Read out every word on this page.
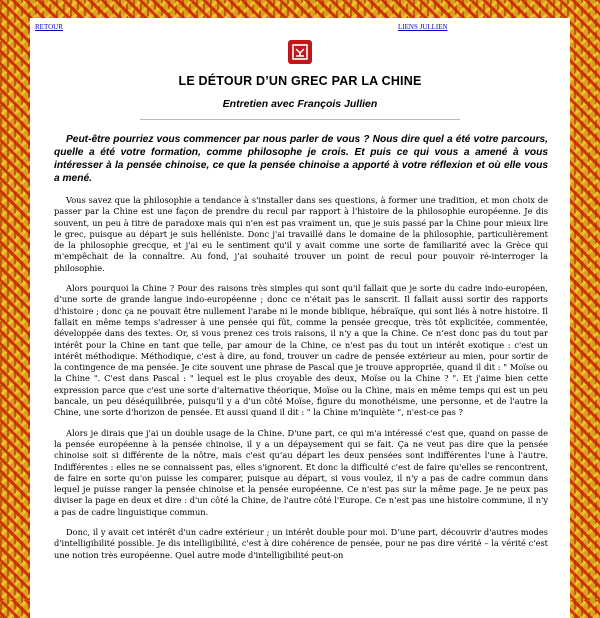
RETOUR	LIENS JULLIEN
LE DÉTOUR D’UN GREC PAR LA CHINE
Entretien avec François Jullien

Peut-être pourriez vous commencer par nous parler de vous ? Nous dire quel a été votre parcours, quelle a été votre formation, comme philosophe je crois. Et puis ce qui vous a amené à vous intéresser à la pensée chinoise, ce que la pensée chinoise a apporté à votre réflexion et où elle vous a mené.

Vous savez que la philosophie a tendance à s'installer dans ses questions, à former une tradition, et mon choix de passer par la Chine est une façon de prendre du recul par rapport à l'histoire de la philosophie européenne. Je dis souvent, un peu à titre de paradoxe mais qui n'en est pas vraiment un, que je suis passé par la Chine pour mieux lire le grec, puisque au départ je suis helléniste. Donc j'ai travaillé dans le domaine de la philosophie, particulièrement de la philosophie grecque, et j'ai eu le sentiment qu'il y avait comme une sorte de familiarité avec la Grèce qui m'empêchait de la connaître. Au fond, j’ai souhaité trouver un point de recul pour pouvoir ré-interroger la philosophie.

Alors pourquoi la Chine ? Pour des raisons très simples qui sont qu'il fallait que je sorte du cadre indo-européen, d’une sorte de grande langue indo-européenne ; donc ce n'était pas le sanscrit. Il fallait aussi sortir des rapports d'histoire ; donc ça ne pouvait être nullement l'arabe ni le monde biblique, hébraïque, qui sont liés à notre histoire. Il fallait en même temps s'adresser à une pensée qui fût, comme la pensée grecque, très tôt explicitée, commentée, développée dans des textes. Or, si vous prenez ces trois raisons, il n'y a que la Chine. Ce n’est donc pas du tout par intérêt pour la Chine en tant que telle, par amour de la Chine, ce n'est pas du tout un intérêt exotique : c'est un intérêt méthodique. Méthodique, c'est à dire, au fond, trouver un cadre de pensée extérieur au mien, pour sortir de la contingence de ma pensée. Je cite souvent une phrase de Pascal que je trouve appropriée, quand il dit : " Moïse ou la Chine ". C'est dans Pascal : " lequel est le plus croyable des deux, Moïse ou la Chine ? ". Et j'aime bien cette expression parce que c'est une sorte d'alternative théorique, Moïse ou la Chine, mais en même temps qui est un peu bancale, un peu déséquilibrée, puisqu'il y a d'un côté Moïse, figure du monothéisme, une personne, et de l'autre la Chine, une sorte d'horizon de pensée. Et aussi quand il dit : " la Chine m'inquiète ", n'est-ce pas ?

Alors je dirais que j'ai un double usage de la Chine. D'une part, ce qui m'a intéressé c'est que, quand on passe de la pensée européenne à la pensée chinoise, il y a un dépaysement qui se fait. Ça ne veut pas dire que la pensée chinoise soit si différente de la nôtre, mais c'est qu’au départ les deux pensées sont indifférentes l'une à l'autre. Indifférentes : elles ne se connaissent pas, elles s'ignorent. Et donc la difficulté c'est de faire qu'elles se rencontrent, de faire en sorte qu'on puisse les comparer, puisque au départ, si vous voulez, il n'y a pas de cadre commun dans lequel je puisse ranger la pensée chinoise et la pensée européenne. Ce n'est pas sur la même page. Je ne peux pas diviser la page en deux et dire : d'un côté la Chine, de l'autre côté l'Europe. Ce n’est pas une histoire commune, il n'y a pas de cadre linguistique commun.

Donc, il y avait cet intérêt d'un cadre extérieur ; un intérêt double pour moi. D’une part, découvrir d'autres modes d'intelligibilité possible. Je dis intelligibilité, c'est à dire cohérence de pensée, pour ne pas dire vérité – la vérité c'est une notion très européenne. Quel autre mode d'intelligibilité peut-on
